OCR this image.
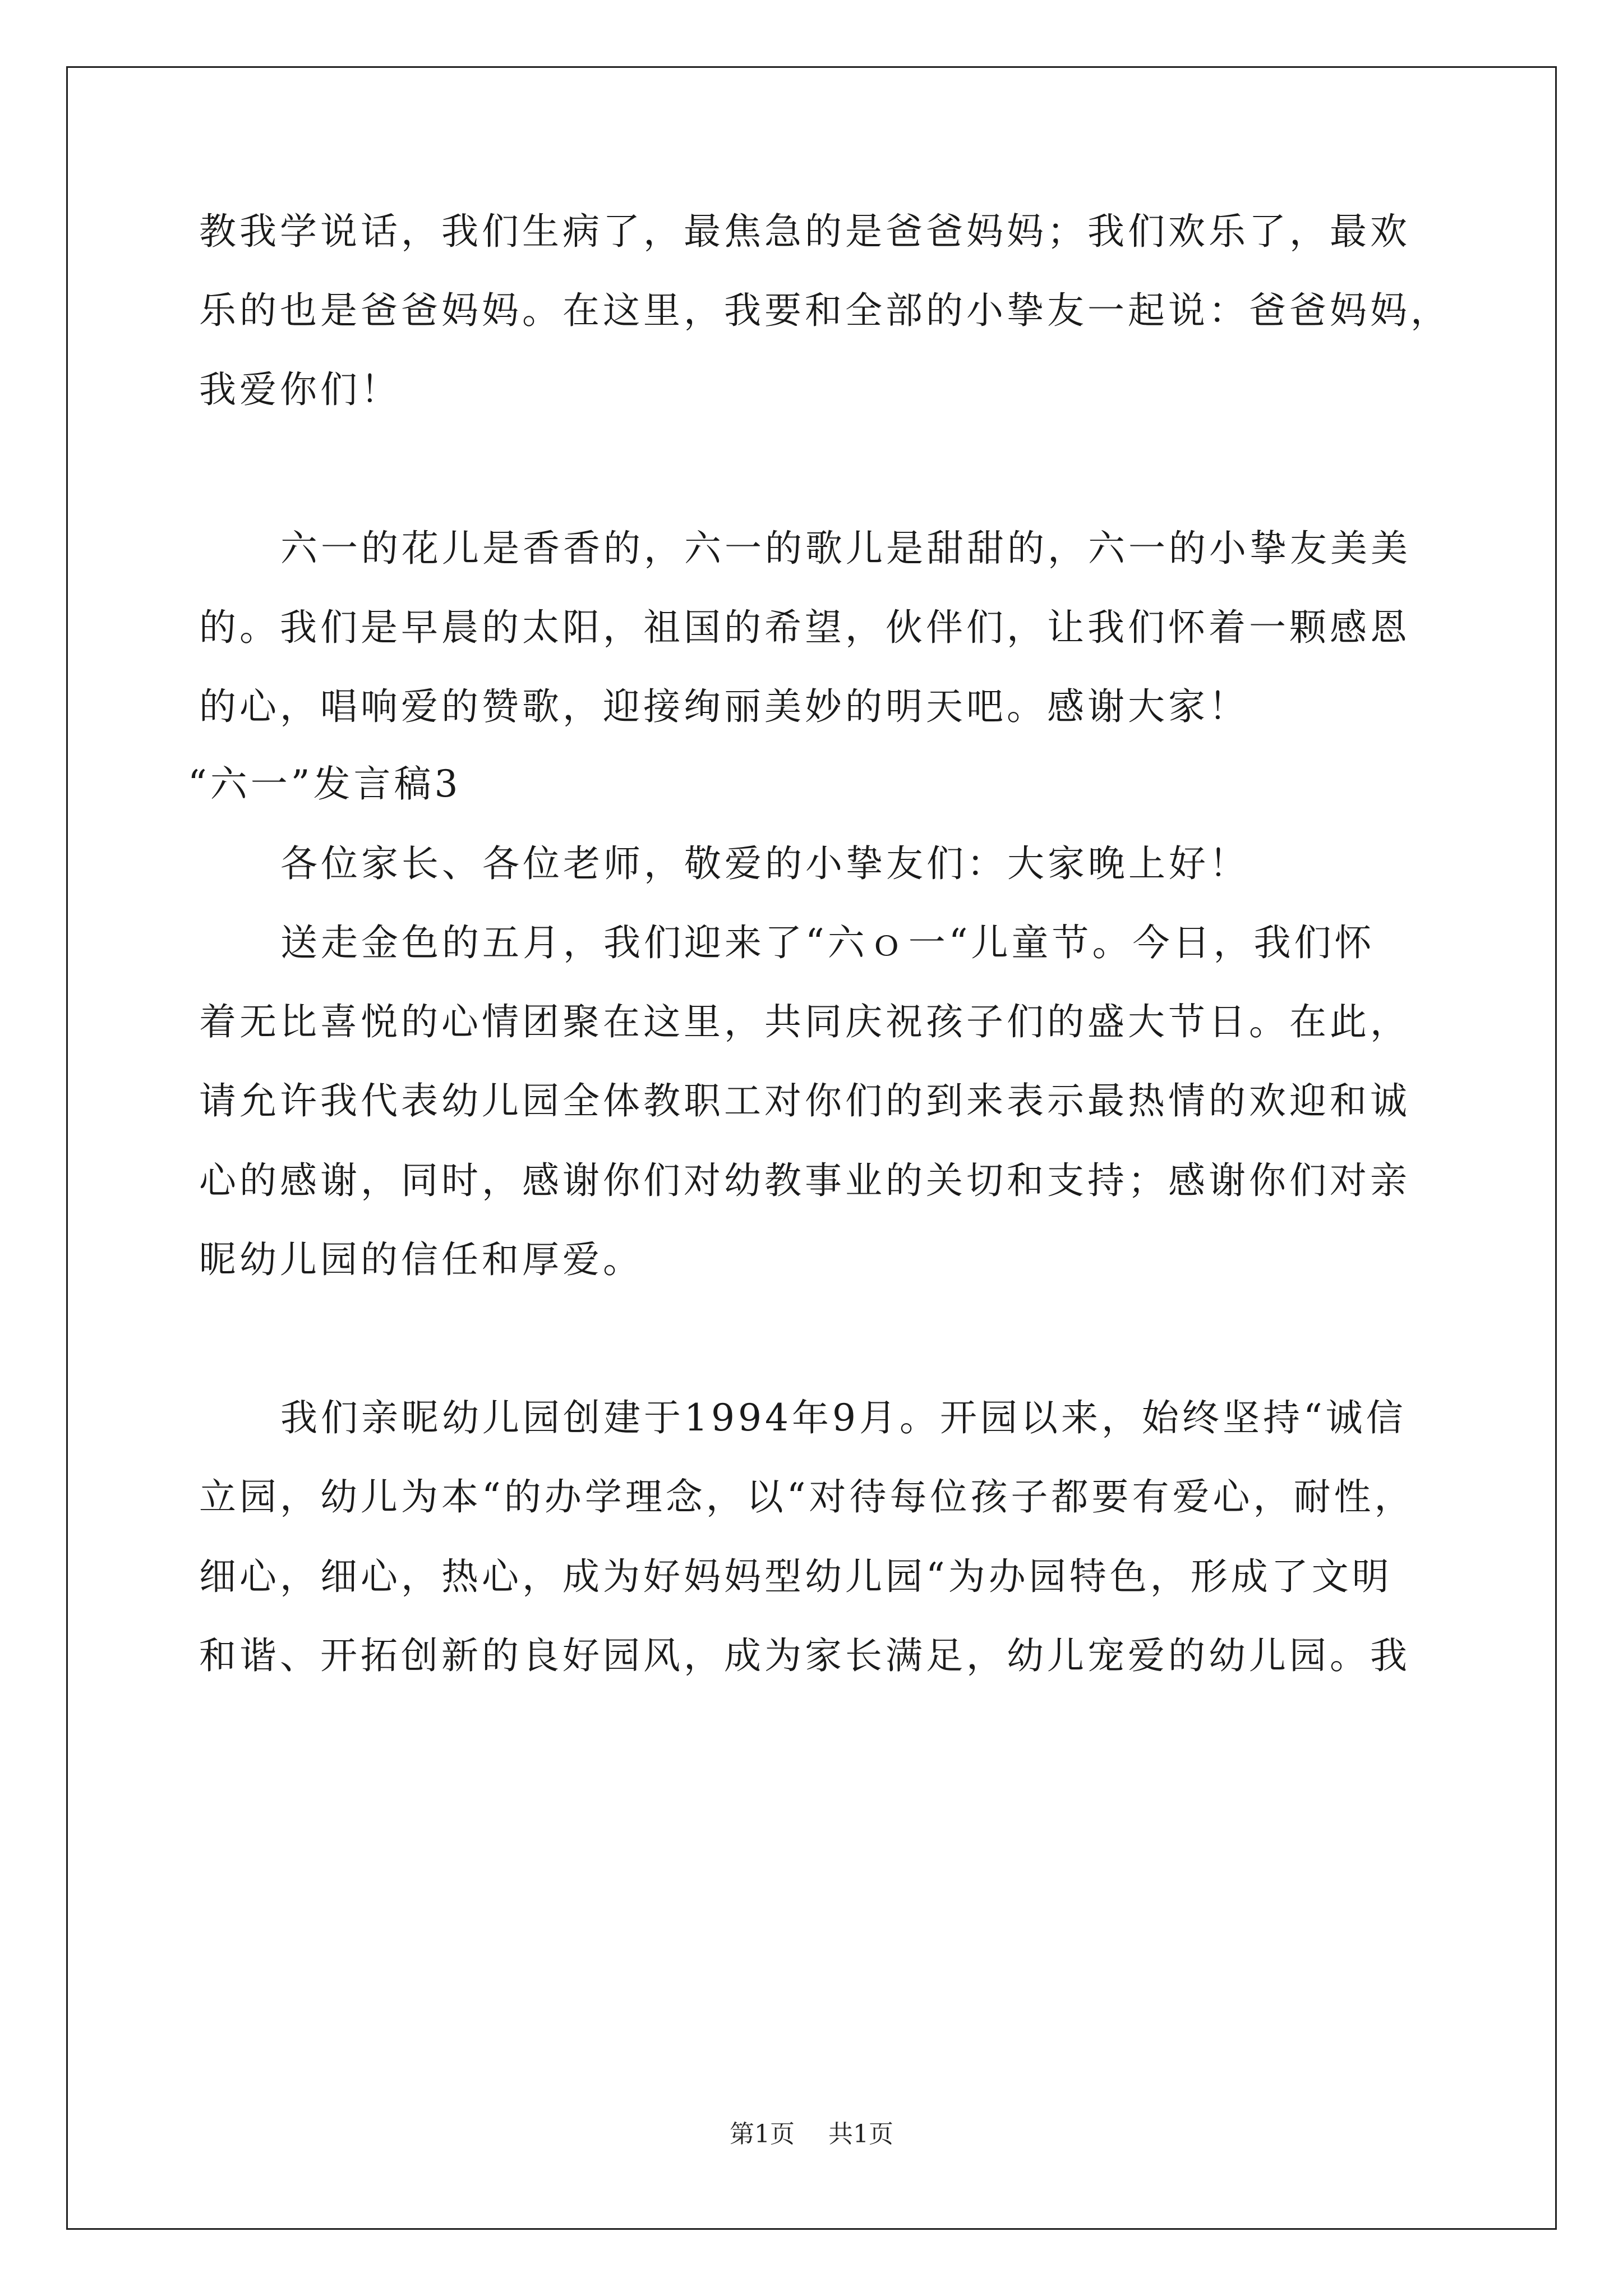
教我学说话，我们生病了，最焦急的是爸爸妈妈；我们欢乐了，最欢
乐的也是爸爸妈妈。在这里，我要和全部的小挚友一起说：爸爸妈妈，
我爱你们！
六一的花儿是香香的，六一的歌儿是甜甜的，六一的小挚友美美
的。我们是早晨的太阳，祖国的希望，伙伴们，让我们怀着一颗感恩
的心，唱响爱的赞歌，迎接绚丽美妙的明天吧。感谢大家！
“六一”发言稿3
各位家长、各位老师，敬爱的小挚友们：大家晚上好！
送走金色的五月，我们迎来了“六ｏ一“儿童节。今日，我们怀
着无比喜悦的心情团聚在这里，共同庆祝孩子们的盛大节日。在此，
请允许我代表幼儿园全体教职工对你们的到来表示最热情的欢迎和诚
心的感谢，同时，感谢你们对幼教事业的关切和支持；感谢你们对亲
昵幼儿园的信任和厚爱。
我们亲昵幼儿园创建于1994年9月。开园以来，始终坚持“诚信
立园，幼儿为本“的办学理念，以“对待每位孩子都要有爱心，耐性，
细心，细心，热心，成为好妈妈型幼儿园“为办园特色，形成了文明
和谐、开拓创新的良好园风，成为家长满足，幼儿宠爱的幼儿园。我
第1页 共1页
